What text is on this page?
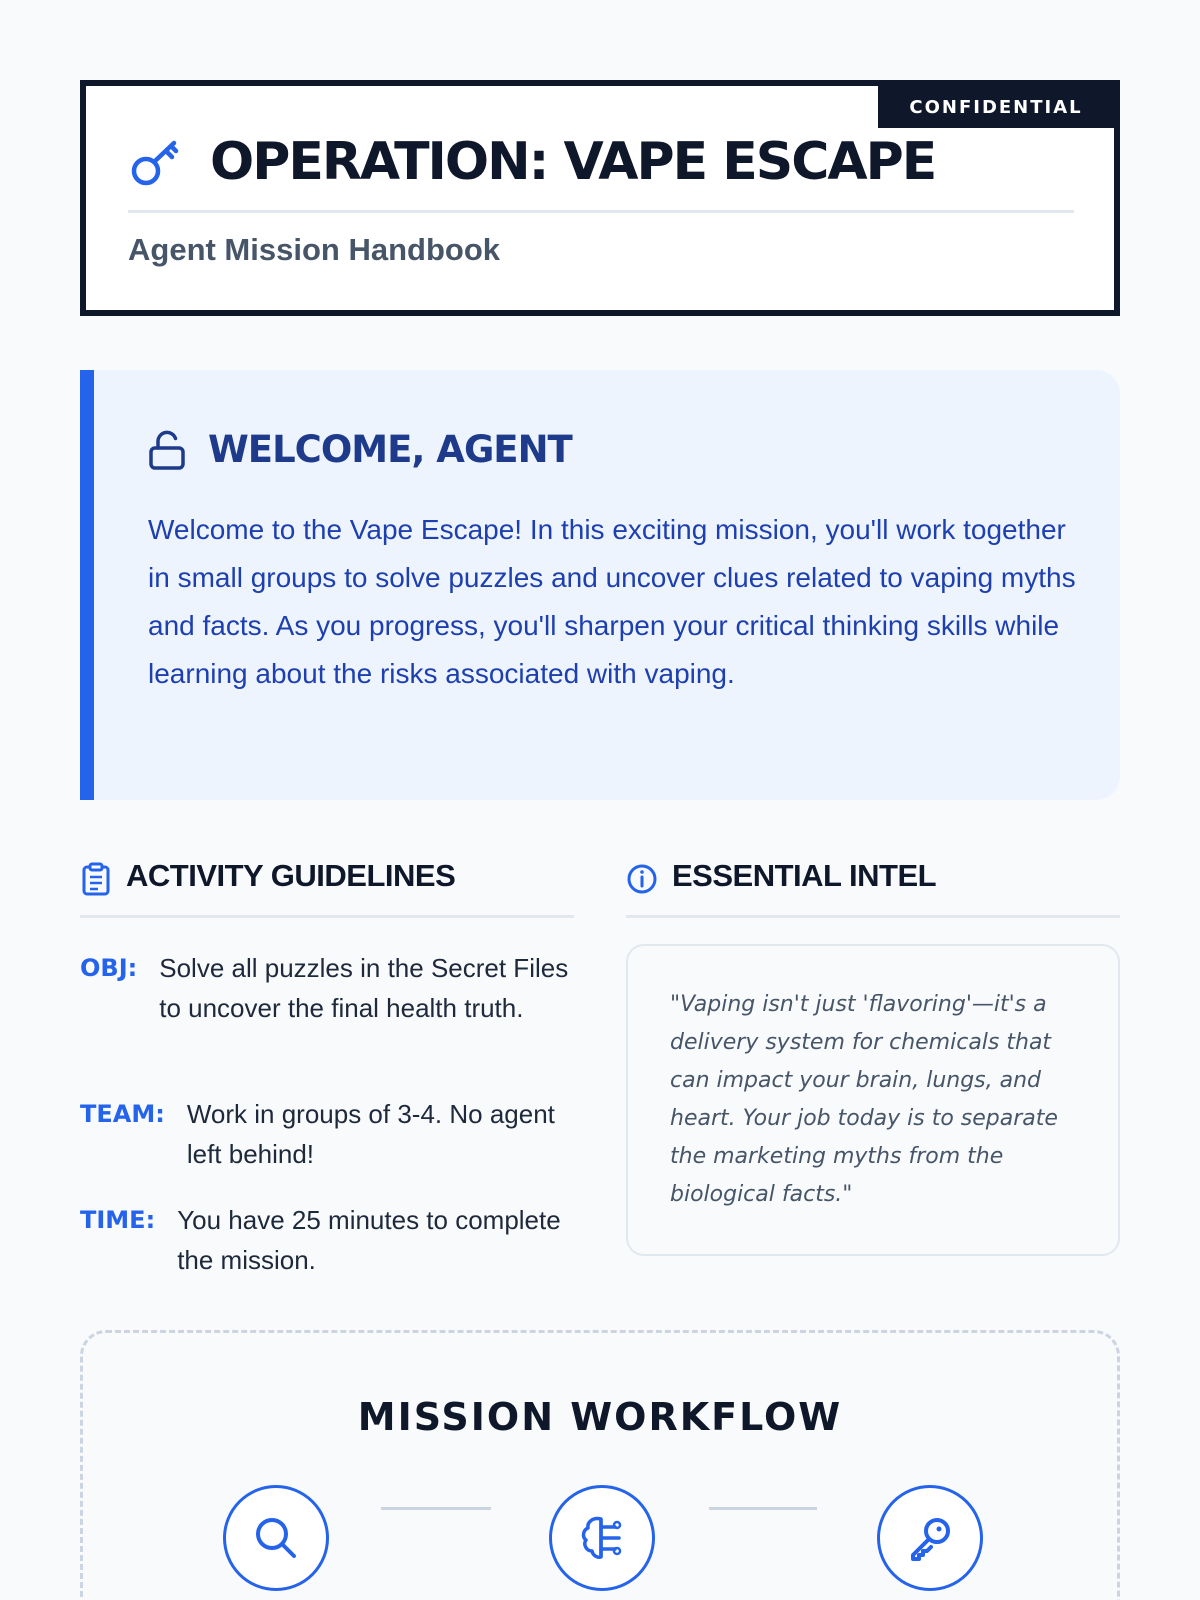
CONFIDENTIAL
OPERATION: VAPE ESCAPE
Agent Mission Handbook
WELCOME, AGENT

Welcome to the Vape Escape! In this exciting mission, you'll work together in small groups to solve puzzles and uncover clues related to vaping myths and facts. As you progress, you'll sharpen your critical thinking skills while learning about the risks associated with vaping.

ACTIVITY GUIDELINES
OBJ: Solve all puzzles in the Secret Files to uncover the final health truth.
TEAM: Work in groups of 3-4. No agent left behind!
TIME: You have 25 minutes to complete the mission.
ESSENTIAL INTEL

"Vaping isn't just 'flavoring'—it's a delivery system for chemicals that can impact your brain, lungs, and heart. Your job today is to separate the marketing myths from the biological facts."

MISSION WORKFLOW
